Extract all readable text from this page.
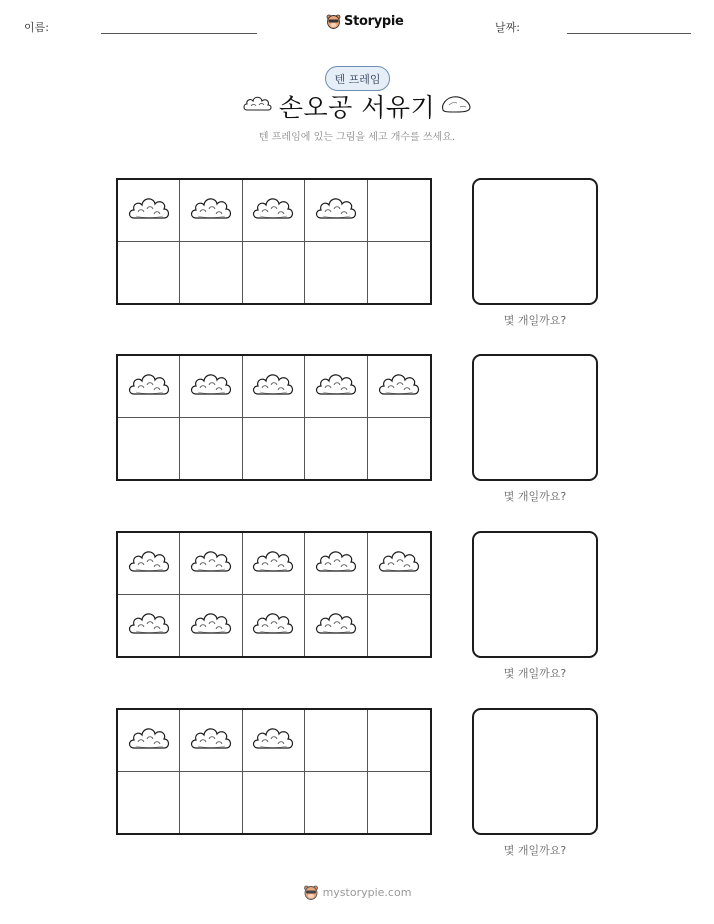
이름:	Storypie	날짜:
텐 프레임
손오공 서유기
텐 프레임에 있는 그림을 세고 개수를 쓰세요.
몇 개일까요?
몇 개일까요?
몇 개일까요?
몇 개일까요?
mystorypie.com
